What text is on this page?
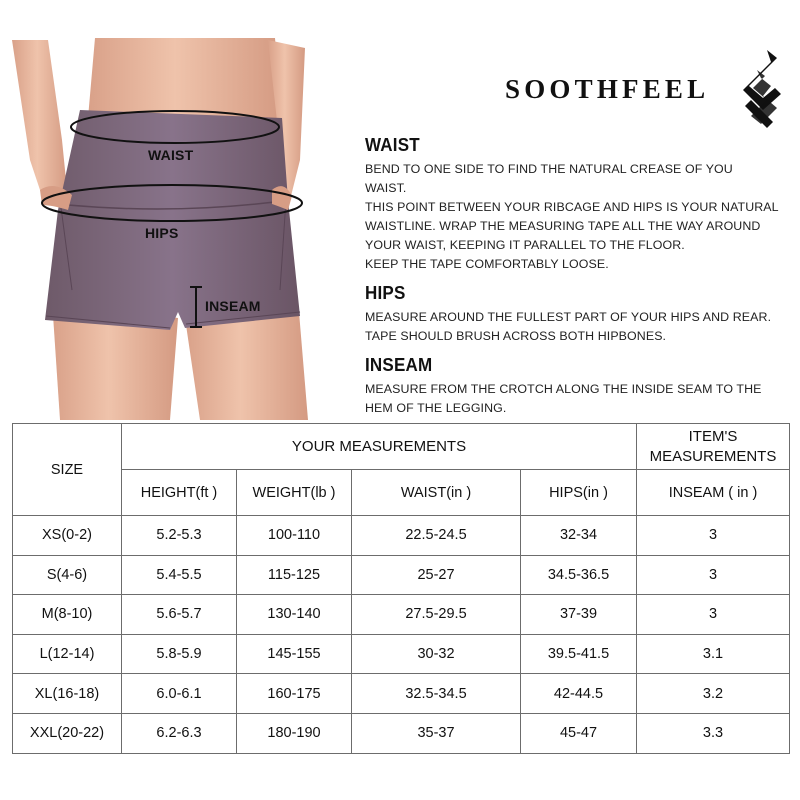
WAIST
HIPS
INSEAM
SOOTHFEEL
WAIST

BEND TO ONE SIDE TO FIND THE NATURAL CREASE OF YOU

WAIST.

THIS POINT BETWEEN YOUR RIBCAGE AND HIPS IS YOUR NATURAL

WAISTLINE. WRAP THE MEASURING TAPE ALL THE WAY AROUND

YOUR WAIST, KEEPING IT PARALLEL TO THE FLOOR.

KEEP THE TAPE COMFORTABLY LOOSE.

HIPS

MEASURE AROUND THE FULLEST PART OF YOUR HIPS AND REAR.

TAPE SHOULD BRUSH ACROSS BOTH HIPBONES.

INSEAM

MEASURE FROM THE CROTCH ALONG THE INSIDE SEAM TO THE

HEM OF THE LEGGING.

SIZE	YOUR MEASUREMENTS				ITEM'S MEASUREMENTS
	HEIGHT(ft )	WEIGHT(lb )	WAIST(in )	HIPS(in )	INSEAM ( in )
XS(0-2)	5.2-5.3	100-110	22.5-24.5	32-34	3
S(4-6)	5.4-5.5	115-125	25-27	34.5-36.5	3
M(8-10)	5.6-5.7	130-140	27.5-29.5	37-39	3
L(12-14)	5.8-5.9	145-155	30-32	39.5-41.5	3.1
XL(16-18)	6.0-6.1	160-175	32.5-34.5	42-44.5	3.2
XXL(20-22)	6.2-6.3	180-190	35-37	45-47	3.3
